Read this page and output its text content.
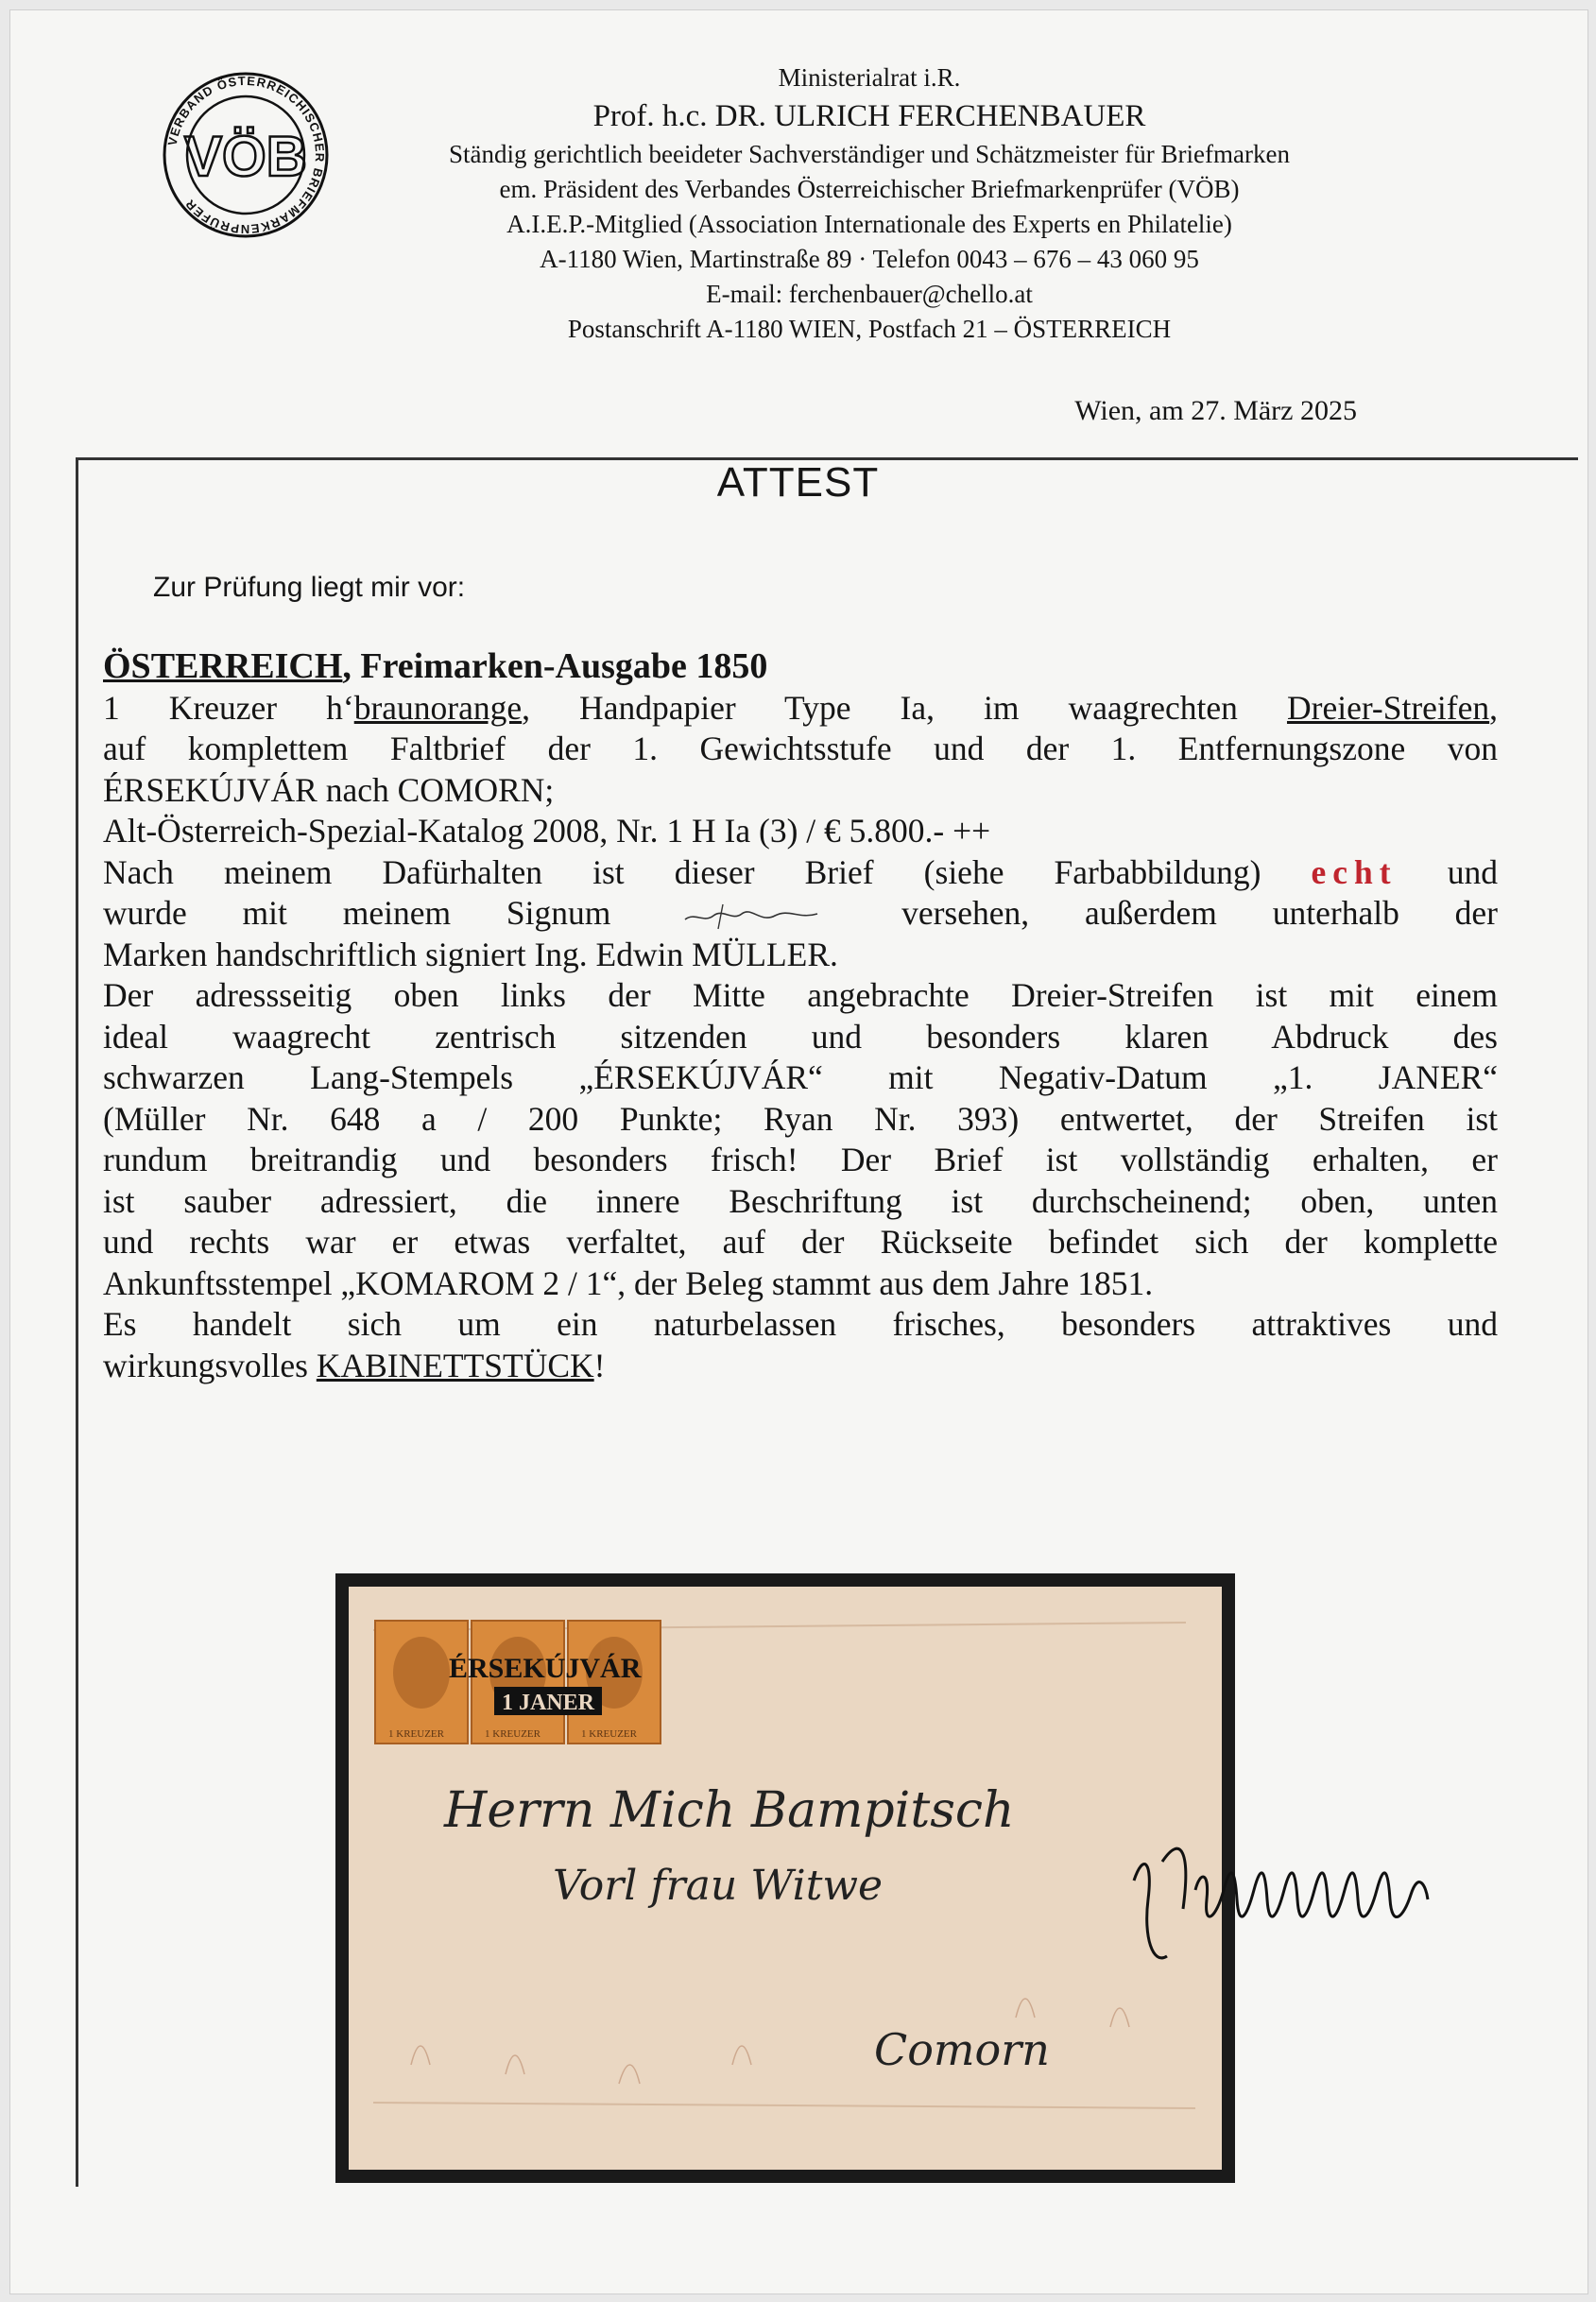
VERBAND ÖSTERREICHISCHER BRIEFMARKENPRÜFER
VÖB
Ministerialrat i.R.
Prof. h.c. DR. ULRICH FERCHENBAUER
Ständig gerichtlich beeideter Sachverständiger und Schätzmeister für Briefmarken
em. Präsident des Verbandes Österreichischer Briefmarkenprüfer (VÖB)
A.I.E.P.-Mitglied (Association Internationale des Experts en Philatelie)
A-1180 Wien, Martinstraße 89 · Telefon 0043 – 676 – 43 060 95
E-mail: ferchenbauer@chello.at
Postanschrift A-1180 WIEN, Postfach 21 – ÖSTERREICH
Wien, am 27. März 2025
ATTEST
Zur Prüfung liegt mir vor:
ÖSTERREICH, Freimarken-Ausgabe 1850
1 Kreuzer h‘braunorange, Handpapier Type Ia, im waagrechten Dreier-Streifen,
auf komplettem Faltbrief der 1. Gewichtsstufe und der 1. Entfernungszone von
ÉRSEKÚJVÁR nach COMORN;
Alt-Österreich-Spezial-Katalog 2008, Nr. 1 H Ia (3) / € 5.800.- ++
Nach meinem Dafürhalten ist dieser Brief (siehe Farbabbildung) echt und
wurde mit meinem Signum	versehen, außerdem unterhalb der
Marken handschriftlich signiert Ing. Edwin MÜLLER.
Der adressseitig oben links der Mitte angebrachte Dreier-Streifen ist mit einem
ideal waagrecht zentrisch sitzenden und besonders klaren Abdruck des
schwarzen Lang-Stempels „ÉRSEKÚJVÁR“ mit Negativ-Datum „1. JANER“
(Müller Nr. 648 a / 200 Punkte; Ryan Nr. 393) entwertet, der Streifen ist
rundum breitrandig und besonders frisch! Der Brief ist vollständig erhalten, er
ist sauber adressiert, die innere Beschriftung ist durchscheinend; oben, unten
und rechts war er etwas verfaltet, auf der Rückseite befindet sich der komplette
Ankunftsstempel „KOMAROM 2 / 1“, der Beleg stammt aus dem Jahre 1851.
Es handelt sich um ein naturbelassen frisches, besonders attraktives und
wirkungsvolles KABINETTSTÜCK!
1 KREUZER	1 KREUZER	1 KREUZER
ÉRSEKÚJVÁR
1 JANER
Herrn Mich Bampitsch
Vorl frau Witwe
Comorn
